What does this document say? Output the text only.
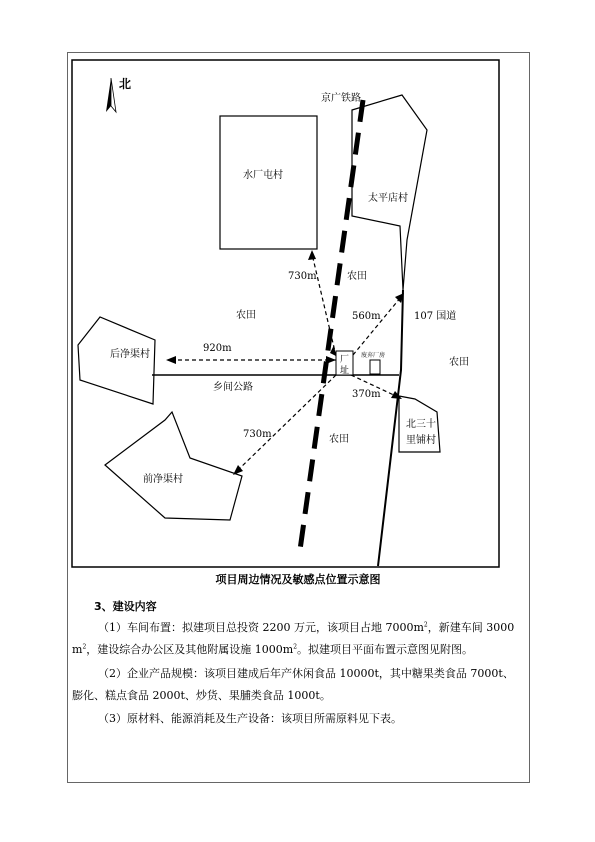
北
京广铁路
水厂屯村
太平店村
107 国道
乡间公路
后净渠村
前净渠村
北三十
里铺村
厂
址
废弃厂房
农田
农田
农田
农田
730m
560m
920m
370m
730m
项目周边情况及敏感点位置示意图
3、建设内容
（1）车间布置：拟建项目总投资 2200 万元，该项目占地 $7000m^2$，新建车间 3000 $m^2$，建设综合办公区及其他附属设施 $1000m^2$。拟建项目平面布置示意图见附图。
（2）企业产品规模：该项目建成后年产休闲食品 10000t，其中糖果类食品 7000t、膨化、糕点食品 2000t、炒货、果脯类食品 1000t。
（3）原材料、能源消耗及生产设备：该项目所需原料见下表。
